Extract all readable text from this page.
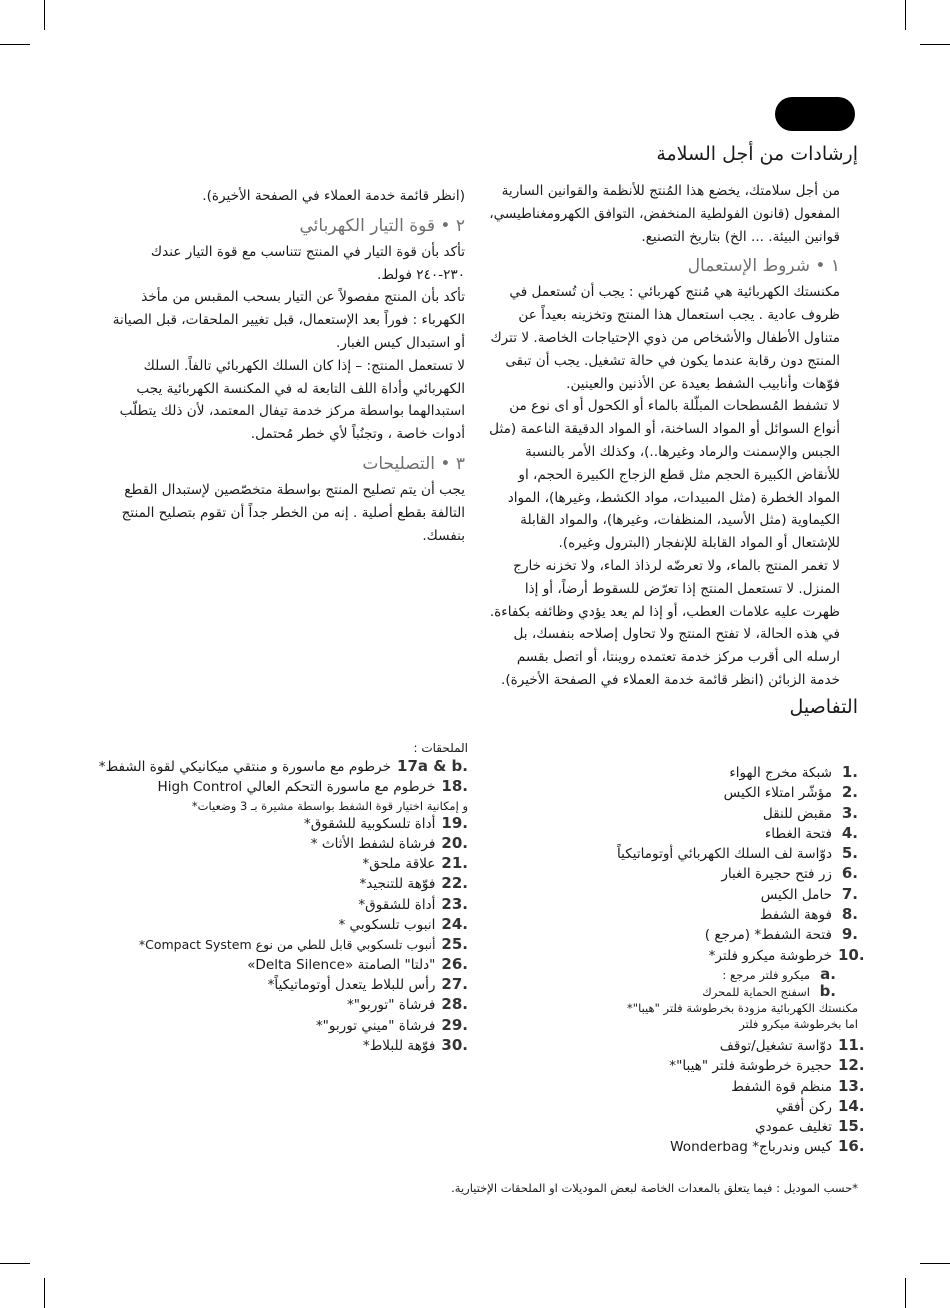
إرشادات من أجل السلامة

من أجل سلامتك، يخضع هذا المُنتج للأنظمة والقوانين السارية المفعول (قانون الفولطية المنخفض، التوافق الكهرومغناطيسي، قوانين البيئة. ... الخ) بتاريخ التصنيع.

١ • شروط الإستعمال

مكنستك الكهربائية هي مُنتج كهربائي : يجب أن تُستعمل في ظروف عادية . يجب استعمال هذا المنتج وتخزينه بعيداً عن متناول الأطفال والأشخاص من ذوي الإحتياجات الخاصة. لا تترك المنتج دون رقابة عندما يكون في حالة تشغيل. يجب أن تبقى فوّهات وأنابيب الشفط بعيدة عن الأذنين والعينين.

لا تشفط المُسطحات المبلّلة بالماء أو الكحول أو اى نوع من أنواع السوائل أو المواد الساخنة، أو المواد الدقيقة الناعمة (مثل الجبس والإسمنت والرماد وغيرها..)، وكذلك الأمر بالنسبة للأنقاض الكبيرة الحجم مثل قطع الزجاج الكبيرة الحجم، او المواد الخطرة (مثل المبيدات، مواد الكشط، وغيرها)، المواد الكيماوية (مثل الأسيد، المنظفات، وغيرها)، والمواد القابلة للإشتعال أو المواد القابلة للإنفجار (البترول وغيره).

لا تغمر المنتج بالماء، ولا تعرضّه لرذاذ الماء، ولا تخزنه خارج المنزل. لا تستعمل المنتج إذا تعرّض للسقوط أرضاً، أو إذا ظهرت عليه علامات العطب، أو إذا لم يعد يؤدي وظائفه بكفاءة.

في هذه الحالة، لا تفتح المنتج ولا تحاول إصلاحه بنفسك، بل ارسله الى أقرب مركز خدمة تعتمده روينتا، أو اتصل بقسم خدمة الزبائن (انظر قائمة خدمة العملاء في الصفحة الأخيرة).

(انظر قائمة خدمة العملاء في الصفحة الأخيرة).

٢ • قوة التيار الكهربائي

تأكد بأن قوة التيار في المنتج تتناسب مع قوة التيار عندك ٢٣٠-٢٤٠ فولط.

تأكد بأن المنتج مفصولاً عن التيار بسحب المقبس من مأخذ الكهرباء : فوراً بعد الإستعمال، قبل تغيير الملحقات، قبل الصيانة أو استبدال كيس الغبار.

لا تستعمل المنتج: – إذا كان السلك الكهربائي تالفاً. السلك الكهربائي وأداة اللف التابعة له في المكنسة الكهربائية يجب استبدالهما بواسطة مركز خدمة تيفال المعتمد، لأن ذلك يتطلّب أدوات خاصة ، وتجنُباً لأي خطر مُحتمل.

٣ • التصليحات

يجب أن يتم تصليح المنتج بواسطة متخصّصين لإستبدال القطع التالفة بقطع أصلية . إنه من الخطر جداً أن تقوم بتصليح المنتج بنفسك.

التفاصيل
1.
شبكة مخرج الهواء
2.
مؤشّر امتلاء الكيس
3.
مقبض للنقل
4.
فتحة الغطاء
5.
دوّاسة لف السلك الكهربائي أوتوماتيكياً
6.
زر فتح حجيرة الغبار
7.
حامل الكيس
8.
فوهة الشفط
9.
فتحة الشفط* (مرجع )
10.
خرطوشة ميكرو فلتر*
a.
ميكرو فلتر مرجع :
b.
اسفنج الحماية للمحرك
مكنستك الكهربائية مزودة بخرطوشة فلتر "هيبا"*
اما بخرطوشة ميكرو فلتر
11.
دوّاسة تشغيل/توقف
12.
حجيرة خرطوشة فلتر "هيبا"*
13.
منظم قوة الشفط
14.
ركن أفقي
15.
تغليف عمودي
16.
كيس وندرباج* Wonderbag
الملحقات :
17a & b.
خرطوم مع ماسورة و منتقي ميكانيكي لقوة الشفط*
18.
خرطوم مع ماسورة التحكم العالي High Control
و إمكانية اختيار قوة الشفط بواسطة مشيرة بـ 3 وضعيات*
19.
أداة تلسكوبية للشقوق*
20.
فرشاة لشفط الأثاث *
21.
علاقة ملحق*
22.
فوّهة للتنجيد*
23.
أداة للشقوق*
24.
انبوب تلسكوبي *
25.
أنبوب تلسكوبي قابل للطي من نوع Compact System*
26.
"دلتا" الصامتة «Delta Silence»
27.
رأس للبلاط يتعدل أوتوماتيكياً*
28.
فرشاة "توربو"*
29.
فرشاة "ميني توربو"*
30.
فوّهة للبلاط*
*حسب الموديل : فيما يتعلق بالمعدات الخاصة لبعض الموديلات او الملحقات الإختيارية.
